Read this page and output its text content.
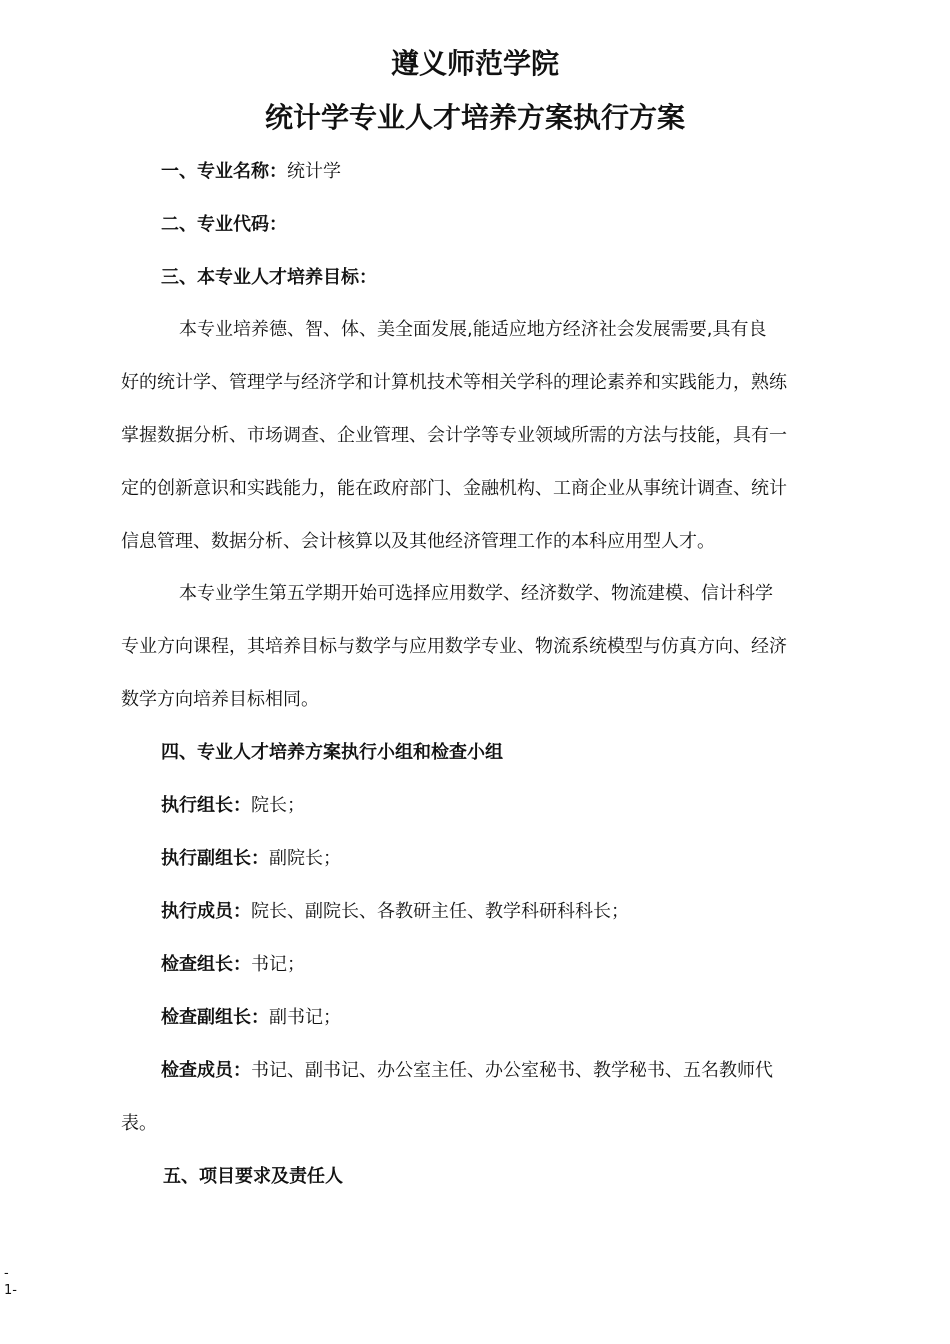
遵义师范学院
统计学专业人才培养方案执行方案
一、专业名称：统计学
二、专业代码：
三、本专业人才培养目标：
本专业培养德、智、体、美全面发展,能适应地方经济社会发展需要,具有良
好的统计学、管理学与经济学和计算机技术等相关学科的理论素养和实践能力，熟练
掌握数据分析、市场调查、企业管理、会计学等专业领域所需的方法与技能，具有一
定的创新意识和实践能力，能在政府部门、金融机构、工商企业从事统计调查、统计
信息管理、数据分析、会计核算以及其他经济管理工作的本科应用型人才。
本专业学生第五学期开始可选择应用数学、经济数学、物流建模、信计科学
专业方向课程，其培养目标与数学与应用数学专业、物流系统模型与仿真方向、经济
数学方向培养目标相同。
四、专业人才培养方案执行小组和检查小组
执行组长：院长；
执行副组长：副院长；
执行成员：院长、副院长、各教研主任、教学科研科科长；
检查组长：书记；
检查副组长：副书记；
检查成员：书记、副书记、办公室主任、办公室秘书、教学秘书、五名教师代
表。
五、项目要求及责任人
-
1-
